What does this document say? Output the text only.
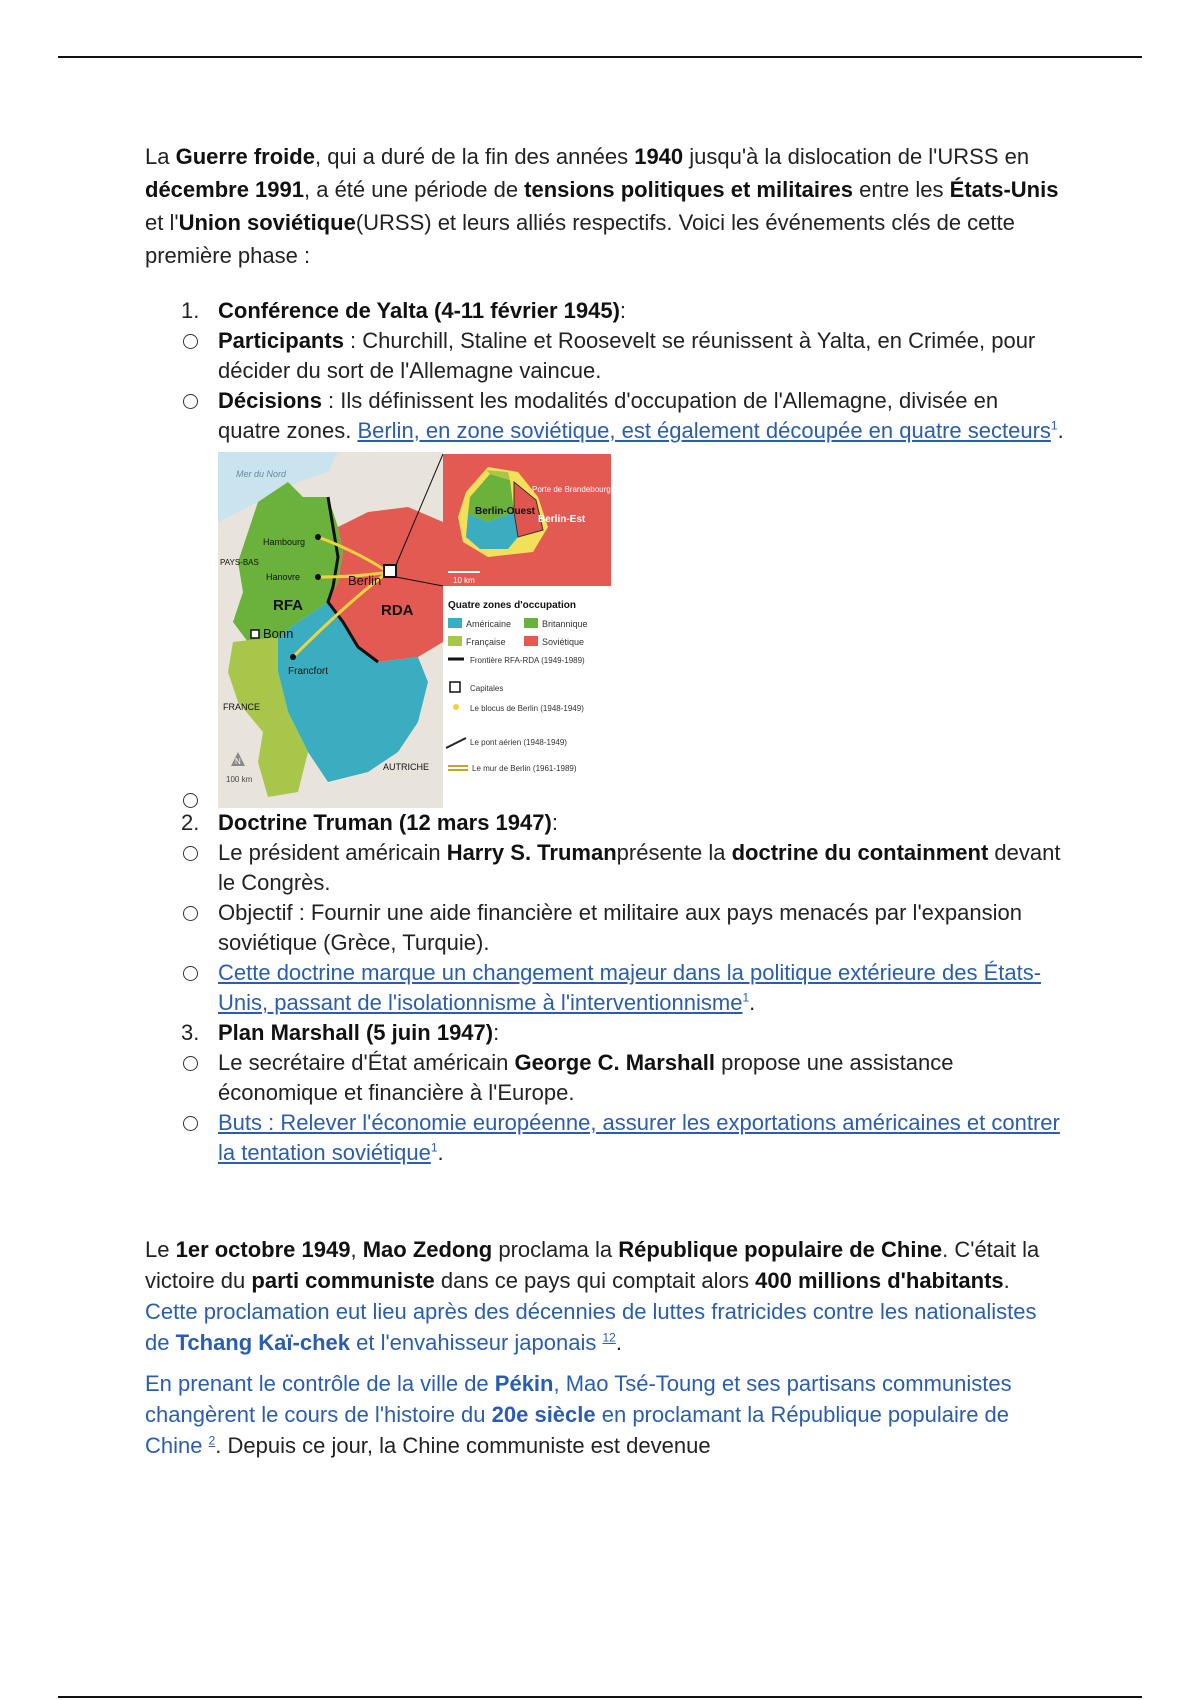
La Guerre froide, qui a duré de la fin des années 1940 jusqu'à la dislocation de l'URSS en décembre 1991, a été une période de tensions politiques et militaires entre les États-Unis et l'Union soviétique(URSS) et leurs alliés respectifs. Voici les événements clés de cette première phase :

1. Conférence de Yalta (4-11 février 1945):
Participants : Churchill, Staline et Roosevelt se réunissent à Yalta, en Crimée, pour décider du sort de l'Allemagne vaincue.
Décisions : Ils définissent les modalités d'occupation de l'Allemagne, divisée en quatre zones. Berlin, en zone soviétique, est également découpée en quatre secteurs$^1$.
Mer du Nord
Hambourg
Hanovre	Berlin
PAYS-BAS
RFA	RDA
Bonn
Francfort
FRANCE
AUTRICHE
100 km
N
Porte de Brandebourg
Berlin-Ouest
Berlin-Est
10 km
Quatre zones d'occupation
Américaine	Britannique
Française	Soviétique
Frontière RFA-RDA (1949-1989)
Capitales
Le blocus de Berlin (1948-1949)
Le pont aérien (1948-1949)
Le mur de Berlin (1961-1989)
2. Doctrine Truman (12 mars 1947):
Le président américain Harry S. Trumanprésente la doctrine du containment devant le Congrès.
Objectif : Fournir une aide financière et militaire aux pays menacés par l'expansion soviétique (Grèce, Turquie).
Cette doctrine marque un changement majeur dans la politique extérieure des États-Unis, passant de l'isolationnisme à l'interventionnisme$^1$.
3. Plan Marshall (5 juin 1947):
Le secrétaire d'État américain George C. Marshall propose une assistance économique et financière à l'Europe.
Buts : Relever l'économie européenne, assurer les exportations américaines et contrer la tentation soviétique$^1$.

Le 1er octobre 1949, Mao Zedong proclama la République populaire de Chine. C'était la victoire du parti communiste dans ce pays qui comptait alors 400 millions d'habitants. Cette proclamation eut lieu après des décennies de luttes fratricides contre les nationalistes de Tchang Kaï-chek et l'envahisseur japonais $^{12}$.

En prenant le contrôle de la ville de Pékin, Mao Tsé-Toung et ses partisans communistes changèrent le cours de l'histoire du 20e siècle en proclamant la République populaire de Chine $^2$. Depuis ce jour, la Chine communiste est devenue
